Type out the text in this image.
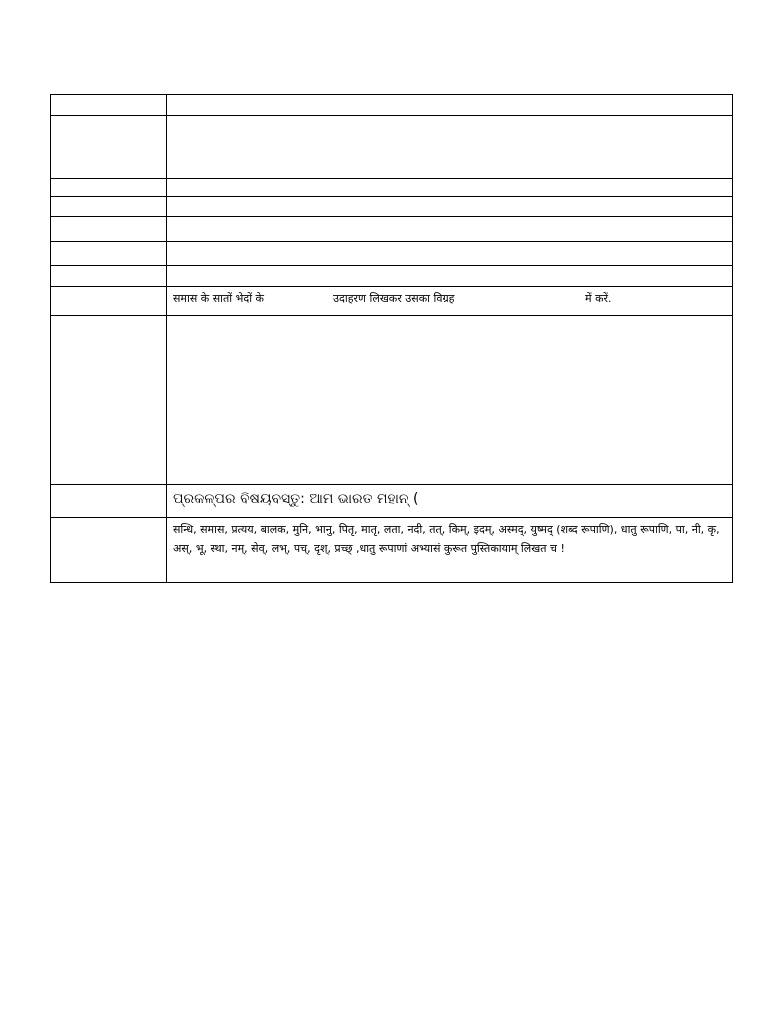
	समास के सातों भेदों के उदाहरण लिखकर उसका विग्रह में करें.

	ପ୍ରକଳ୍ପର ବିଷୟବସ୍ତୁ: ଆମ ଭାରତ ମହାନ୍ (

	सन्धि, समास, प्रत्यय, बालक, मुनि, भानु, पितृ, मातृ, लता, नदी, तत्, किम्, इदम्, अस्मद्, युष्मद् (शब्द रूपाणि), धातु रूपाणि, पा, नी, कृ, अस्, भू, स्था, नम्, सेव्, लभ्, पच्, दृश्, प्रच्छ् ,धातु रूपाणां अभ्यासं कुरूत पुस्तिकायाम् लिखत च !
